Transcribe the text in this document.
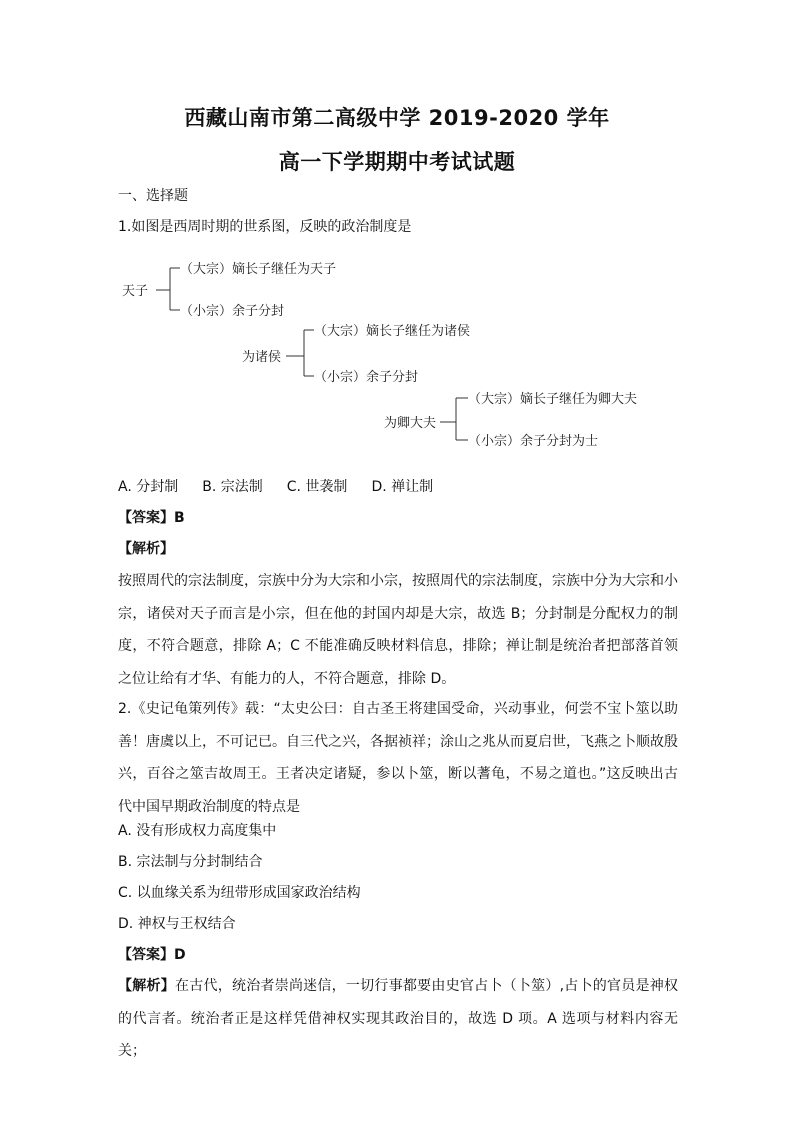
西藏山南市第二高级中学 2019-2020 学年
高一下学期期中考试试题
一、选择题
1.如图是西周时期的世系图，反映的政治制度是
天子
（大宗）嫡长子继任为天子
（小宗）余子分封
为诸侯
（大宗）嫡长子继任为诸侯
（小宗）余子分封
为卿大夫
（大宗）嫡长子继任为卿大夫
（小宗）余子分封为士
A. 分封制 B. 宗法制 C. 世袭制 D. 禅让制
【答案】B
【解析】
按照周代的宗法制度，宗族中分为大宗和小宗，按照周代的宗法制度，宗族中分为大宗和小宗，诸侯对天子而言是小宗，但在他的封国内却是大宗，故选 B；分封制是分配权力的制度，不符合题意，排除 A；C 不能准确反映材料信息，排除；禅让制是统治者把部落首领之位让给有才华、有能力的人，不符合题意，排除 D。
2.《史记龟策列传》载：“太史公曰：自古圣王将建国受命，兴动事业，何尝不宝卜筮以助善！唐虞以上，不可记已。自三代之兴，各据祯祥；涂山之兆从而夏启世，飞燕之卜顺故殷兴，百谷之筮吉故周王。王者决定诸疑，参以卜筮，断以蓍龟，不易之道也。”这反映出古代中国早期政治制度的特点是
A. 没有形成权力高度集中
B. 宗法制与分封制结合
C. 以血缘关系为纽带形成国家政治结构
D. 神权与王权结合
【答案】D
【解析】在古代，统治者崇尚迷信，一切行事都要由史官占卜（卜筮）,占卜的官员是神权的代言者。统治者正是这样凭借神权实现其政治目的，故选 D 项。A 选项与材料内容无关；
